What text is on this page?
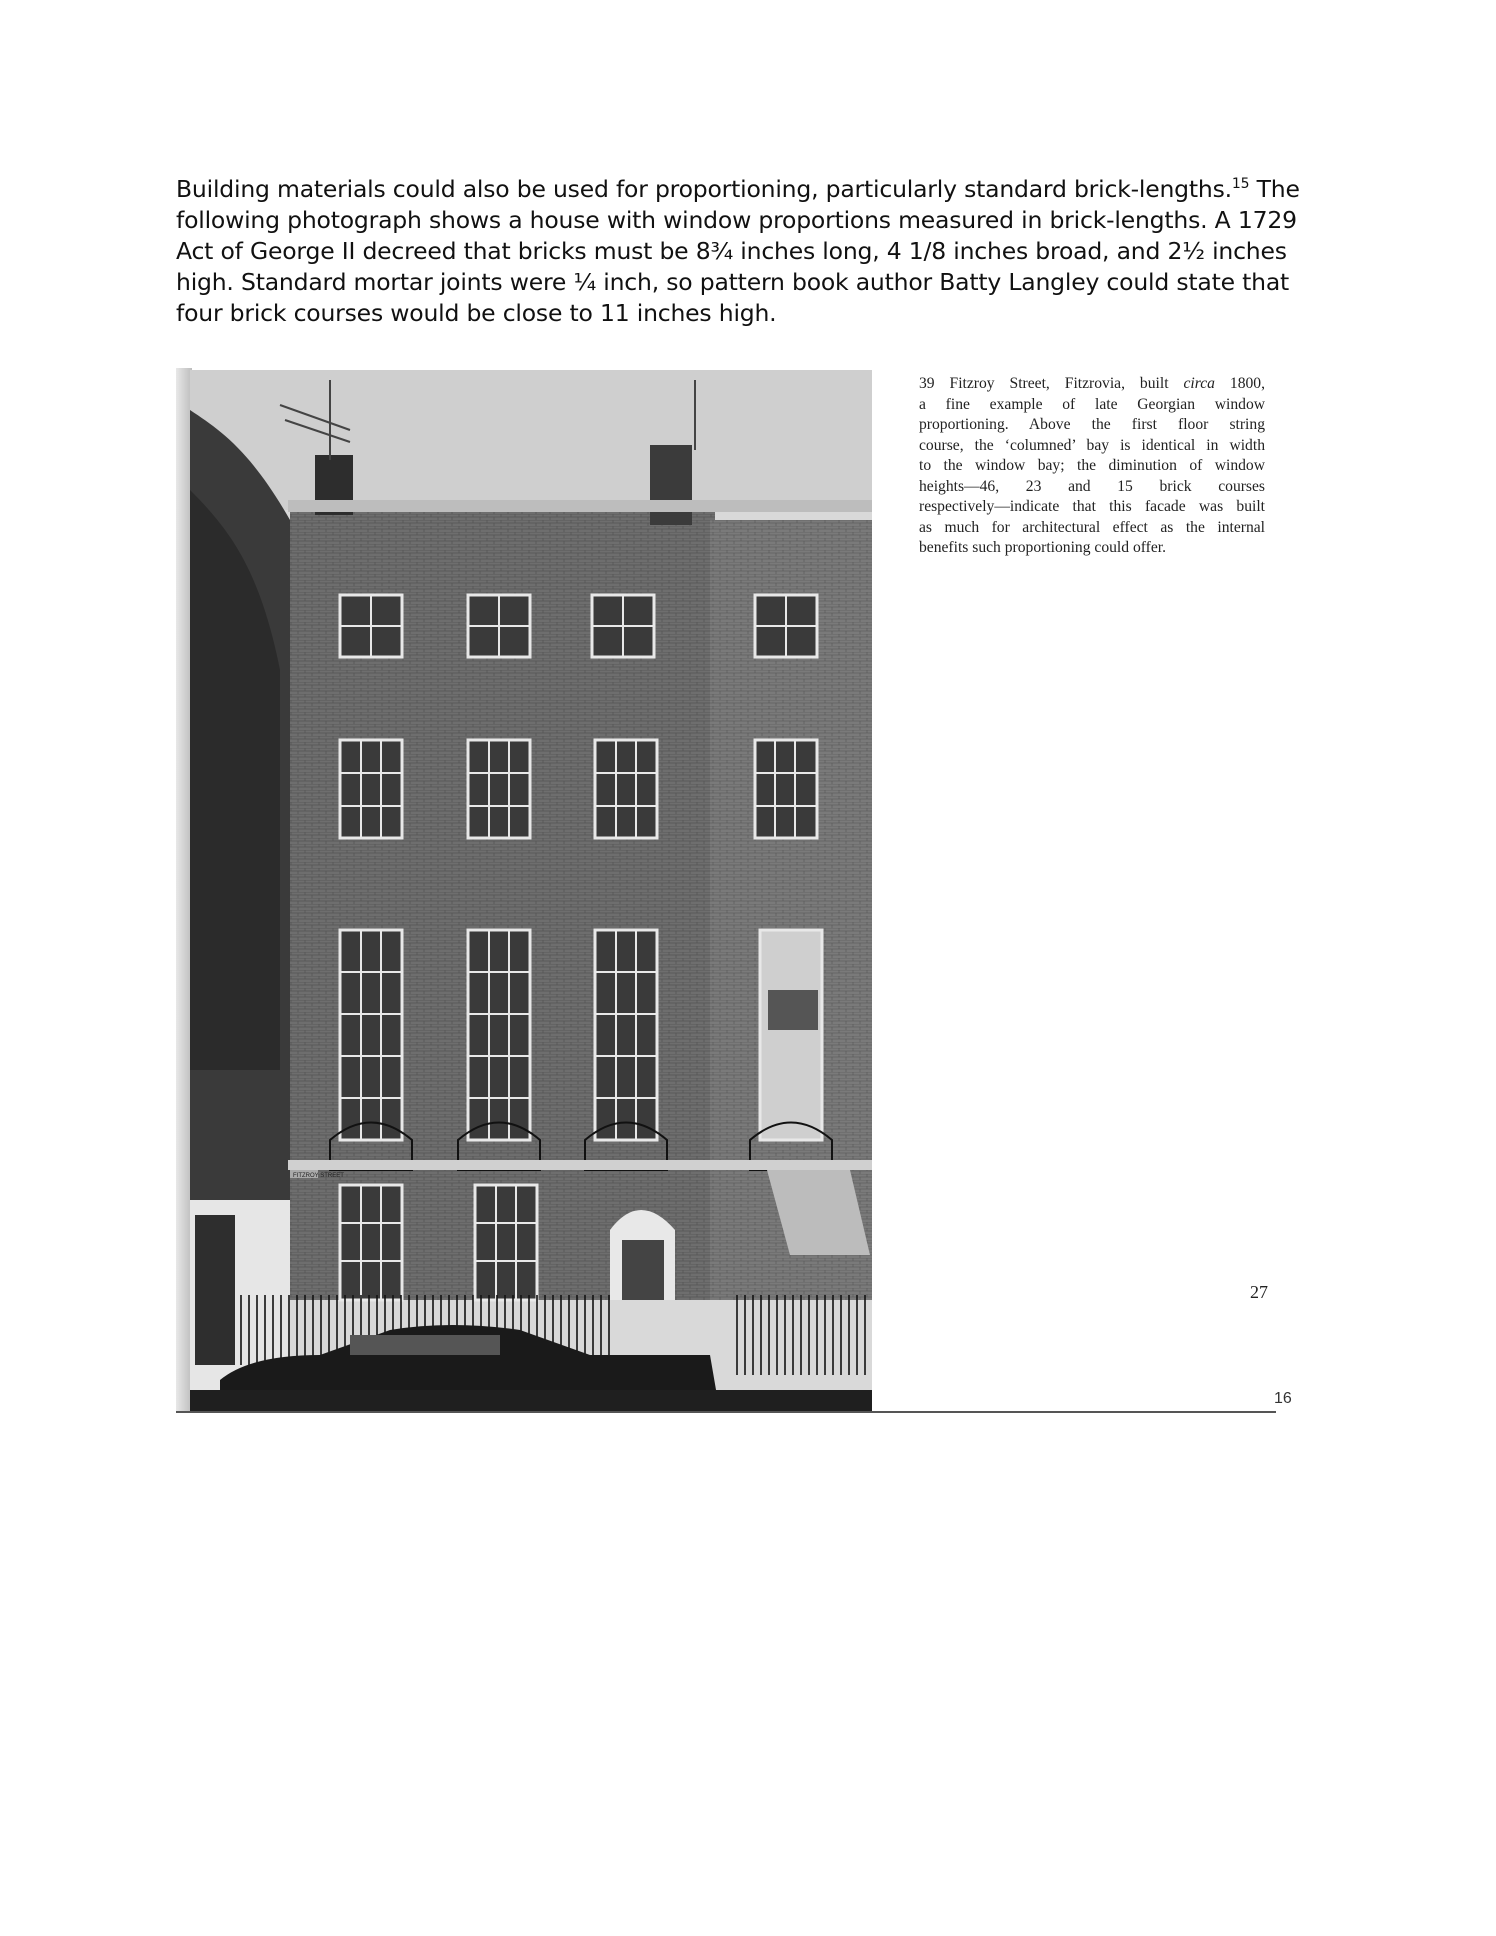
Building materials could also be used for proportioning, particularly standard brick-lengths.$^{15}$ The following photograph shows a house with window proportions measured in brick-lengths. A 1729 Act of George II decreed that bricks must be 8¾ inches long, 4 1/8 inches broad, and 2½ inches high. Standard mortar joints were ¼ inch, so pattern book author Batty Langley could state that four brick courses would be close to 11 inches high.
FITZROY STREET
39 Fitzroy Street, Fitzrovia, built circa 1800,
a fine example of late Georgian window
proportioning. Above the first floor string
course, the ‘columned’ bay is identical in width
to the window bay; the diminution of window
heights—46, 23 and 15 brick courses
respectively—indicate that this facade was built
as much for architectural effect as the internal
benefits such proportioning could offer.
27
16
